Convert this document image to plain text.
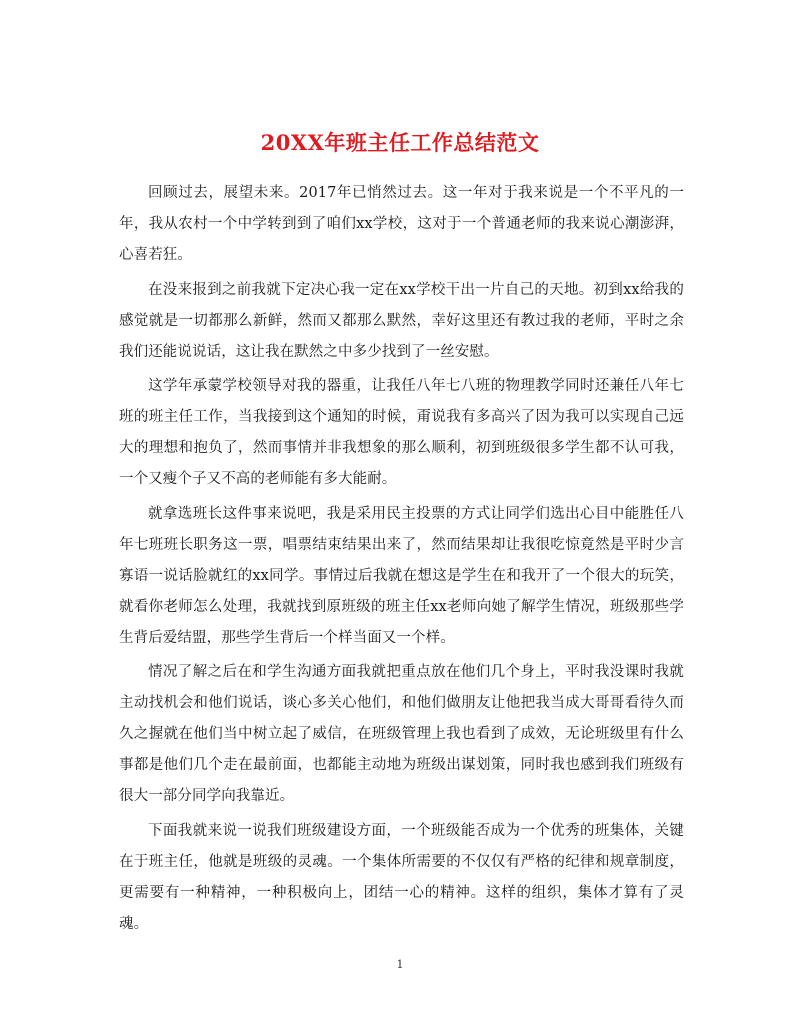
20XX年班主任工作总结范文

回顾过去，展望未来。2017年已悄然过去。这一年对于我来说是一个不平凡的一年，我从农村一个中学转到到了咱们xx学校，这对于一个普通老师的我来说心潮澎湃，心喜若狂。

在没来报到之前我就下定决心我一定在xx学校干出一片自己的天地。初到xx给我的感觉就是一切都那么新鲜，然而又都那么默然，幸好这里还有教过我的老师，平时之余我们还能说说话，这让我在默然之中多少找到了一丝安慰。

这学年承蒙学校领导对我的器重，让我任八年七八班的物理教学同时还兼任八年七班的班主任工作，当我接到这个通知的时候，甭说我有多高兴了因为我可以实现自己远大的理想和抱负了，然而事情并非我想象的那么顺利，初到班级很多学生都不认可我，一个又瘦个子又不高的老师能有多大能耐。

就拿选班长这件事来说吧，我是采用民主投票的方式让同学们选出心目中能胜任八年七班班长职务这一票，唱票结束结果出来了，然而结果却让我很吃惊竟然是平时少言寡语一说话脸就红的xx同学。事情过后我就在想这是学生在和我开了一个很大的玩笑，就看你老师怎么处理，我就找到原班级的班主任xx老师向她了解学生情况，班级那些学生背后爱结盟，那些学生背后一个样当面又一个样。

情况了解之后在和学生沟通方面我就把重点放在他们几个身上，平时我没课时我就主动找机会和他们说话，谈心多关心他们，和他们做朋友让他把我当成大哥哥看待久而久之握就在他们当中树立起了威信，在班级管理上我也看到了成效，无论班级里有什么事都是他们几个走在最前面，也都能主动地为班级出谋划策，同时我也感到我们班级有很大一部分同学向我靠近。

下面我就来说一说我们班级建设方面，一个班级能否成为一个优秀的班集体，关键在于班主任，他就是班级的灵魂。一个集体所需要的不仅仅有严格的纪律和规章制度，更需要有一种精神，一种积极向上，团结一心的精神。这样的组织，集体才算有了灵魂。

1
